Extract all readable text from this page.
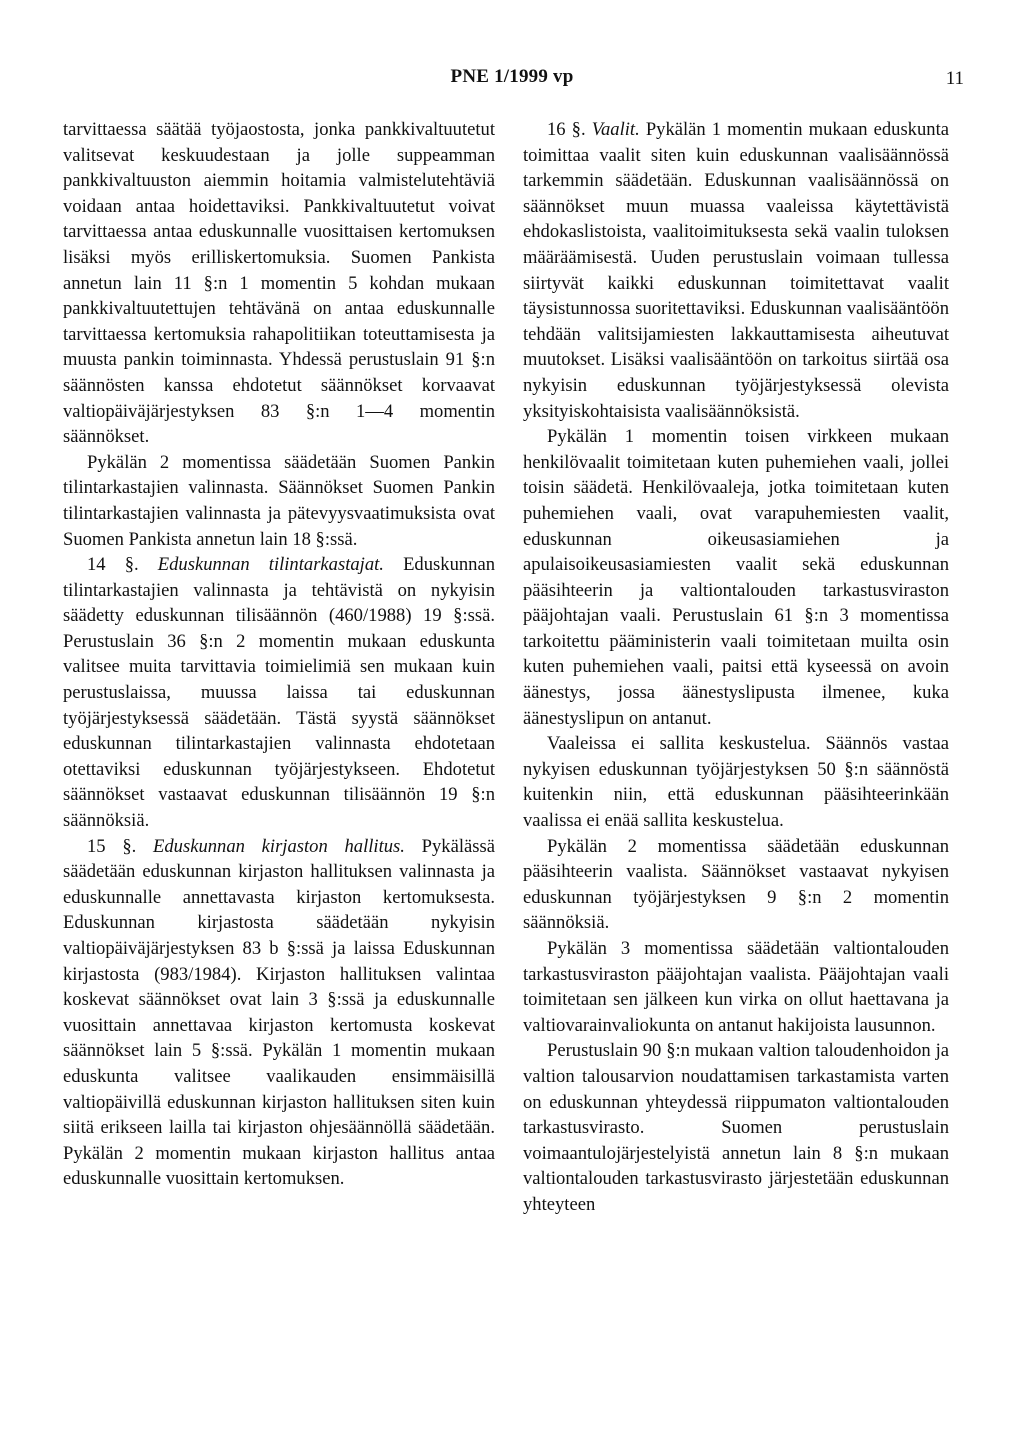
PNE 1/1999 vp	11

tarvittaessa säätää työjaostosta, jonka pankkivaltuutetut valitsevat keskuudestaan ja jolle suppeamman pankkivaltuuston aiemmin hoitamia valmistelutehtäviä voidaan antaa hoidettaviksi. Pankkivaltuutetut voivat tarvittaessa antaa eduskunnalle vuosittaisen kertomuksen lisäksi myös erilliskertomuksia. Suomen Pankista annetun lain 11 §:n 1 momentin 5 kohdan mukaan pankkivaltuutettujen tehtävänä on antaa eduskunnalle tarvittaessa kertomuksia rahapolitiikan toteuttamisesta ja muusta pankin toiminnasta. Yhdessä perustuslain 91 §:n säännösten kanssa ehdotetut säännökset korvaavat valtiopäiväjärjestyksen 83 §:n 1—4 momentin säännökset.

Pykälän 2 momentissa säädetään Suomen Pankin tilintarkastajien valinnasta. Säännökset Suomen Pankin tilintarkastajien valinnasta ja pätevyysvaatimuksista ovat Suomen Pankista annetun lain 18 §:ssä.

14 §. Eduskunnan tilintarkastajat. Eduskunnan tilintarkastajien valinnasta ja tehtävistä on nykyisin säädetty eduskunnan tilisäännön (460/1988) 19 §:ssä. Perustuslain 36 §:n 2 momentin mukaan eduskunta valitsee muita tarvittavia toimielimiä sen mukaan kuin perustuslaissa, muussa laissa tai eduskunnan työjärjestyksessä säädetään. Tästä syystä säännökset eduskunnan tilintarkastajien valinnasta ehdotetaan otettaviksi eduskunnan työjärjestykseen. Ehdotetut säännökset vastaavat eduskunnan tilisäännön 19 §:n säännöksiä.

15 §. Eduskunnan kirjaston hallitus. Pykälässä säädetään eduskunnan kirjaston hallituksen valinnasta ja eduskunnalle annettavasta kirjaston kertomuksesta. Eduskunnan kirjastosta säädetään nykyisin valtiopäiväjärjestyksen 83 b §:ssä ja laissa Eduskunnan kirjastosta (983/1984). Kirjaston hallituksen valintaa koskevat säännökset ovat lain 3 §:ssä ja eduskunnalle vuosittain annettavaa kirjaston kertomusta koskevat säännökset lain 5 §:ssä. Pykälän 1 momentin mukaan eduskunta valitsee vaalikauden ensimmäisillä valtiopäivillä eduskunnan kirjaston hallituksen siten kuin siitä erikseen lailla tai kirjaston ohjesäännöllä säädetään. Pykälän 2 momentin mukaan kirjaston hallitus antaa eduskunnalle vuosittain kertomuksen.

16 §. Vaalit. Pykälän 1 momentin mukaan eduskunta toimittaa vaalit siten kuin eduskunnan vaalisäännössä tarkemmin säädetään. Eduskunnan vaalisäännössä on säännökset muun muassa vaaleissa käytettävistä ehdokaslistoista, vaalitoimituksesta sekä vaalin tuloksen määräämisestä. Uuden perustuslain voimaan tullessa siirtyvät kaikki eduskunnan toimitettavat vaalit täysistunnossa suoritettaviksi. Eduskunnan vaalisääntöön tehdään valitsijamiesten lakkauttamisesta aiheutuvat muutokset. Lisäksi vaalisääntöön on tarkoitus siirtää osa nykyisin eduskunnan työjärjestyksessä olevista yksityiskohtaisista vaalisäännöksistä.

Pykälän 1 momentin toisen virkkeen mukaan henkilövaalit toimitetaan kuten puhemiehen vaali, jollei toisin säädetä. Henkilövaaleja, jotka toimitetaan kuten puhemiehen vaali, ovat varapuhemiesten vaalit, eduskunnan oikeusasiamiehen ja apulaisoikeusasiamiesten vaalit sekä eduskunnan pääsihteerin ja valtiontalouden tarkastusviraston pääjohtajan vaali. Perustuslain 61 §:n 3 momentissa tarkoitettu pääministerin vaali toimitetaan muilta osin kuten puhemiehen vaali, paitsi että kyseessä on avoin äänestys, jossa äänestyslipusta ilmenee, kuka äänestyslipun on antanut.

Vaaleissa ei sallita keskustelua. Säännös vastaa nykyisen eduskunnan työjärjestyksen 50 §:n säännöstä kuitenkin niin, että eduskunnan pääsihteerinkään vaalissa ei enää sallita keskustelua.

Pykälän 2 momentissa säädetään eduskunnan pääsihteerin vaalista. Säännökset vastaavat nykyisen eduskunnan työjärjestyksen 9 §:n 2 momentin säännöksiä.

Pykälän 3 momentissa säädetään valtiontalouden tarkastusviraston pääjohtajan vaalista. Pääjohtajan vaali toimitetaan sen jälkeen kun virka on ollut haettavana ja valtiovarainvaliokunta on antanut hakijoista lausunnon.

Perustuslain 90 §:n mukaan valtion taloudenhoidon ja valtion talousarvion noudattamisen tarkastamista varten on eduskunnan yhteydessä riippumaton valtiontalouden tarkastusvirasto. Suomen perustuslain voimaantulojärjestelyistä annetun lain 8 §:n mukaan valtiontalouden tarkastusvirasto järjestetään eduskunnan yhteyteen
